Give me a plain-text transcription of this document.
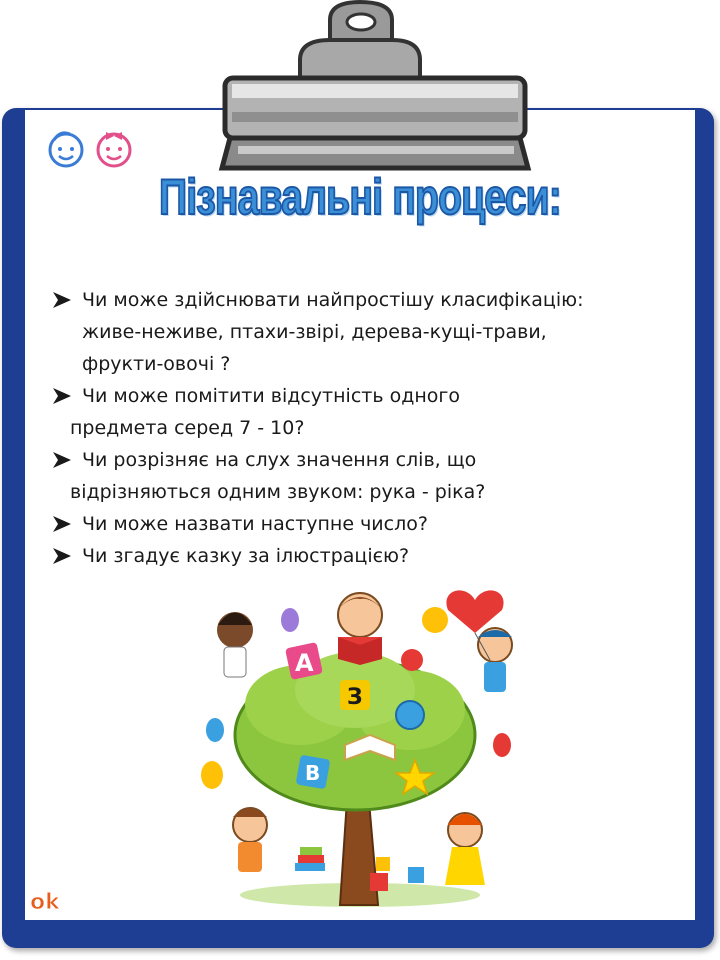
Пізнавальні процеси:
Чи може здійснювати найпростішу класифікацію:
живе-неживе, птахи-звірі, дерева-кущі-трави,
фрукти-овочі ?
Чи може помітити відсутність одного
предмета серед 7 - 10?
Чи розрізняє на слух значення слів, що
відрізняються одним звуком: рука - ріка?
Чи може назвати наступне число?
Чи згадує казку за ілюстрацією?
А
З
В
ok
